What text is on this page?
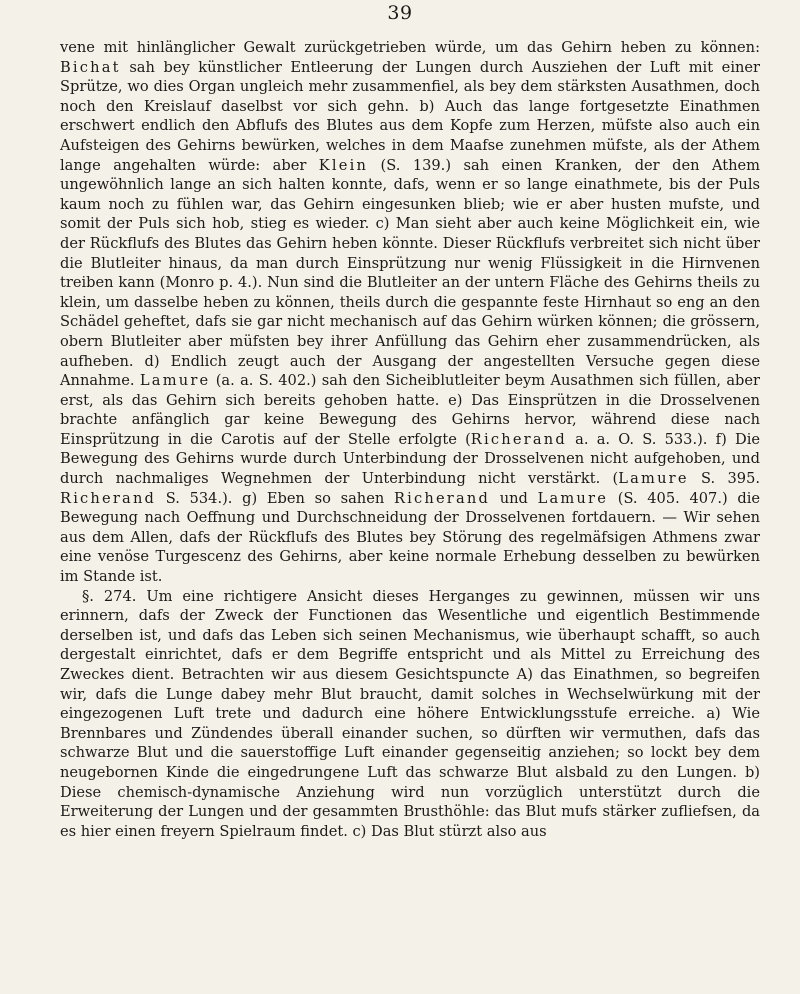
39

vene mit hinlänglicher Gewalt zurückgetrieben würde, um das Gehirn heben zu können: Bichat sah bey künstlicher Entleerung der Lungen durch Ausziehen der Luft mit einer Sprütze, wo dies Organ ungleich mehr zusammenfiel, als bey dem stärksten Ausathmen, doch noch den Kreislauf daselbst vor sich gehn. b) Auch das lange fortgesetzte Einathmen erschwert endlich den Abflufs des Blutes aus dem Kopfe zum Herzen, müfste also auch ein Aufsteigen des Gehirns bewürken, welches in dem Maafse zunehmen müfste, als der Athem lange angehalten würde: aber Klein (S. 139.) sah einen Kranken, der den Athem ungewöhnlich lange an sich halten konnte, dafs, wenn er so lange einathmete, bis der Puls kaum noch zu fühlen war, das Gehirn eingesunken blieb; wie er aber husten mufste, und somit der Puls sich hob, stieg es wieder. c) Man sieht aber auch keine Möglichkeit ein, wie der Rückflufs des Blutes das Gehirn heben könnte. Dieser Rückflufs verbreitet sich nicht über die Blutleiter hinaus, da man durch Einsprützung nur wenig Flüssigkeit in die Hirnvenen treiben kann (Monro p. 4.). Nun sind die Blutleiter an der untern Fläche des Gehirns theils zu klein, um dasselbe heben zu können, theils durch die gespannte feste Hirnhaut so eng an den Schädel geheftet, dafs sie gar nicht mechanisch auf das Gehirn würken können; die grössern, obern Blutleiter aber müfsten bey ihrer Anfüllung das Gehirn eher zusammendrücken, als aufheben. d) Endlich zeugt auch der Ausgang der angestellten Versuche gegen diese Annahme. Lamure (a. a. S. 402.) sah den Sicheiblutleiter beym Ausathmen sich füllen, aber erst, als das Gehirn sich bereits gehoben hatte. e) Das Einsprützen in die Drosselvenen brachte anfänglich gar keine Bewegung des Gehirns hervor, während diese nach Einsprützung in die Carotis auf der Stelle erfolgte (Richerand a. a. O. S. 533.). f) Die Bewegung des Gehirns wurde durch Unterbindung der Drosselvenen nicht aufgehoben, und durch nachmaliges Wegnehmen der Unterbindung nicht verstärkt. (Lamure S. 395. Richerand S. 534.). g) Eben so sahen Richerand und Lamure (S. 405. 407.) die Bewegung nach Oeffnung und Durchschneidung der Drosselvenen fortdauern. — Wir sehen aus dem Allen, dafs der Rückflufs des Blutes bey Störung des regelmäfsigen Athmens zwar eine venöse Turgescenz des Gehirns, aber keine normale Erhebung desselben zu bewürken im Stande ist.

§. 274. Um eine richtigere Ansicht dieses Herganges zu gewinnen, müssen wir uns erinnern, dafs der Zweck der Functionen das Wesentliche und eigentlich Bestimmende derselben ist, und dafs das Leben sich seinen Mechanismus, wie überhaupt schafft, so auch dergestalt einrichtet, dafs er dem Begriffe entspricht und als Mittel zu Erreichung des Zweckes dient. Betrachten wir aus diesem Gesichtspuncte A) das Einathmen, so begreifen wir, dafs die Lunge dabey mehr Blut braucht, damit solches in Wechselwürkung mit der eingezogenen Luft trete und dadurch eine höhere Entwicklungsstufe erreiche. a) Wie Brennbares und Zündendes überall einander suchen, so dürften wir vermuthen, dafs das schwarze Blut und die sauerstoffige Luft einander gegenseitig anziehen; so lockt bey dem neugebornen Kinde die eingedrungene Luft das schwarze Blut alsbald zu den Lungen. b) Diese chemisch-dynamische Anziehung wird nun vorzüglich unterstützt durch die Erweiterung der Lungen und der gesammten Brusthöhle: das Blut mufs stärker zufliefsen, da es hier einen freyern Spielraum findet. c) Das Blut stürzt also aus
